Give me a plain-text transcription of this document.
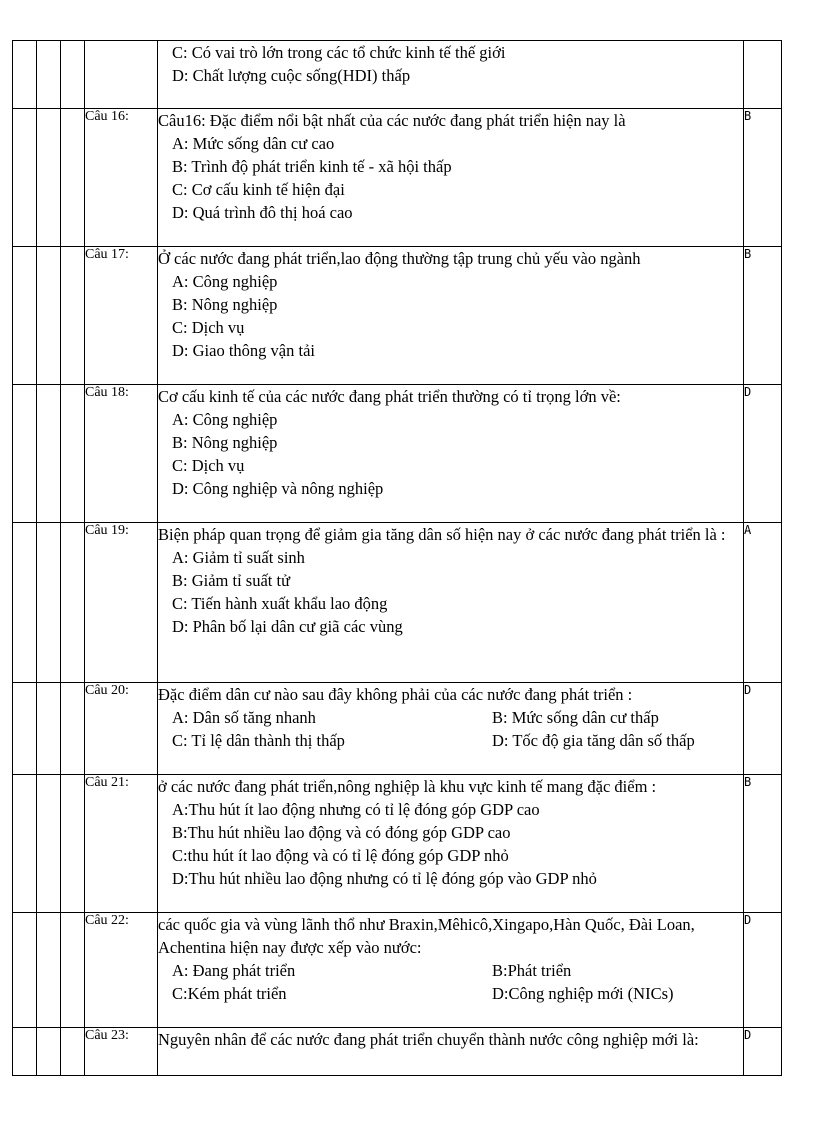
				C: Có vai trò lớn trong các tổ chức kinh tế thế giới
D: Chất lượng cuộc sống(HDI) thấp	

			Câu 16:	Câu16: Đặc điểm nổi bật nhất của các nước đang phát triển hiện nay là
A: Mức sống dân cư cao
B: Trình độ phát triển kinh tế - xã hội thấp
C: Cơ cấu kinh tế hiện đại
D: Quá trình đô thị hoá cao	B
			Câu 17:	Ở các nước đang phát triển,lao động thường tập trung chủ yếu vào ngành
A: Công nghiệp
B: Nông nghiệp
C: Dịch vụ
D: Giao thông vận tải	B
			Câu 18:	Cơ cấu kinh tế của các nước đang phát triển thường có tỉ trọng lớn về:
A: Công nghiệp
B: Nông nghiệp
C: Dịch vụ
D: Công nghiệp và nông nghiệp	D
			Câu 19:	Biện pháp quan trọng để giảm gia tăng dân số hiện nay ở các nước đang phát triển là :
A: Giảm tỉ suất sinh
B: Giảm tỉ suất tử
C: Tiến hành xuất khẩu lao động
D: Phân bố lại dân cư giã các vùng	A
			Câu 20:	Đặc điểm dân cư nào sau đây không phải của các nước đang phát triển :
A: Dân số tăng nhanh B: Mức sống dân cư thấp
C: Tỉ lệ dân thành thị thấp D: Tốc độ gia tăng dân số thấp	D
			Câu 21:	ở các nước đang phát triển,nông nghiệp là khu vực kinh tế mang đặc điểm :
A:Thu hút ít lao động nhưng có tỉ lệ đóng góp GDP cao
B:Thu hút nhiều lao động và có đóng góp GDP cao
C:thu hút ít lao động và có tỉ lệ đóng góp GDP nhỏ
D:Thu hút nhiều lao động nhưng có tỉ lệ đóng góp vào GDP nhỏ	B
			Câu 22:	các quốc gia và vùng lãnh thổ như Braxin,Mêhicô,Xingapo,Hàn Quốc, Đài Loan, Achentina hiện nay được xếp vào nước:
A: Đang phát triển B:Phát triển
C:Kém phát triển D:Công nghiệp mới (NICs)	D
			Câu 23:	Nguyên nhân để các nước đang phát triển chuyển thành nước công nghiệp mới là:	D
